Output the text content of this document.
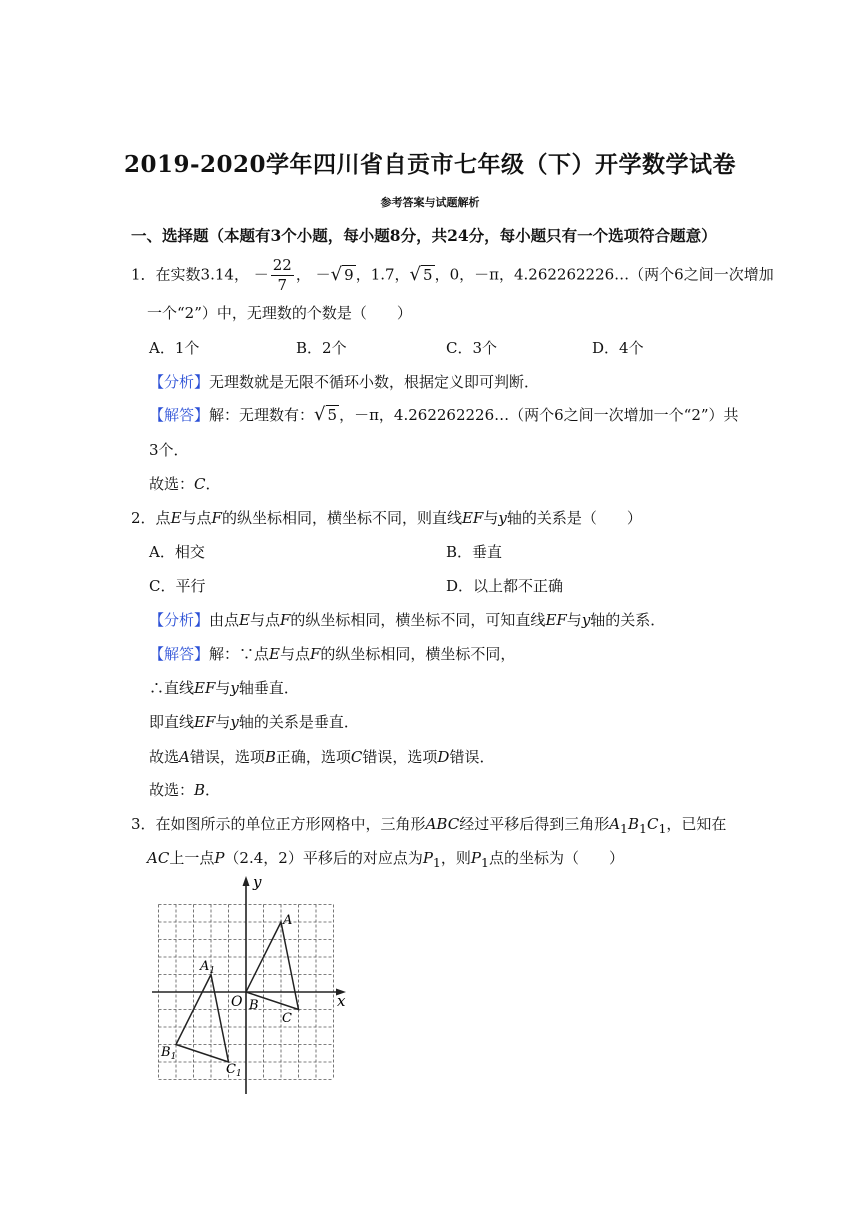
2019-2020学年四川省自贡市七年级（下）开学数学试卷
参考答案与试题解析
一、选择题（本题有3个小题，每小题8分，共24分，每小题只有一个选项符合题意）
1．在实数3.14， － $\frac{22}{7}$ ， －√ 9 ，1.7，√ 5 ，0，－π，4.262262226…（两个6之间一次增加
一个“2”）中，无理数的个数是（　　）
A．1个	B．2个	C．3个	D．4个
【分析】无理数就是无限不循环小数，根据定义即可判断．
【解答】解：无理数有：√ 5 ，－π，4.262262226…（两个6之间一次增加一个“2”）共
3个．
故选：C．
2．点E与点F的纵坐标相同，横坐标不同，则直线EF与y轴的关系是（　　）
A．相交	B．垂直
C．平行	D．以上都不正确
【分析】由点E与点F的纵坐标相同，横坐标不同，可知直线EF与y轴的关系．
【解答】解：∵点E与点F的纵坐标相同，横坐标不同，
∴直线EF与y轴垂直．
即直线EF与y轴的关系是垂直．
故选A错误，选项B正确，选项C错误，选项D错误．
故选：B．
3．在如图所示的单位正方形网格中，三角形ABC经过平移后得到三角形$A_1B_1C_1$，已知在
AC上一点P（2.4，2）平移后的对应点为$P_1$，则$P_1$点的坐标为（　　）
y
x
O
A
B
C
$A_1$
$B_1$
$C_1$
